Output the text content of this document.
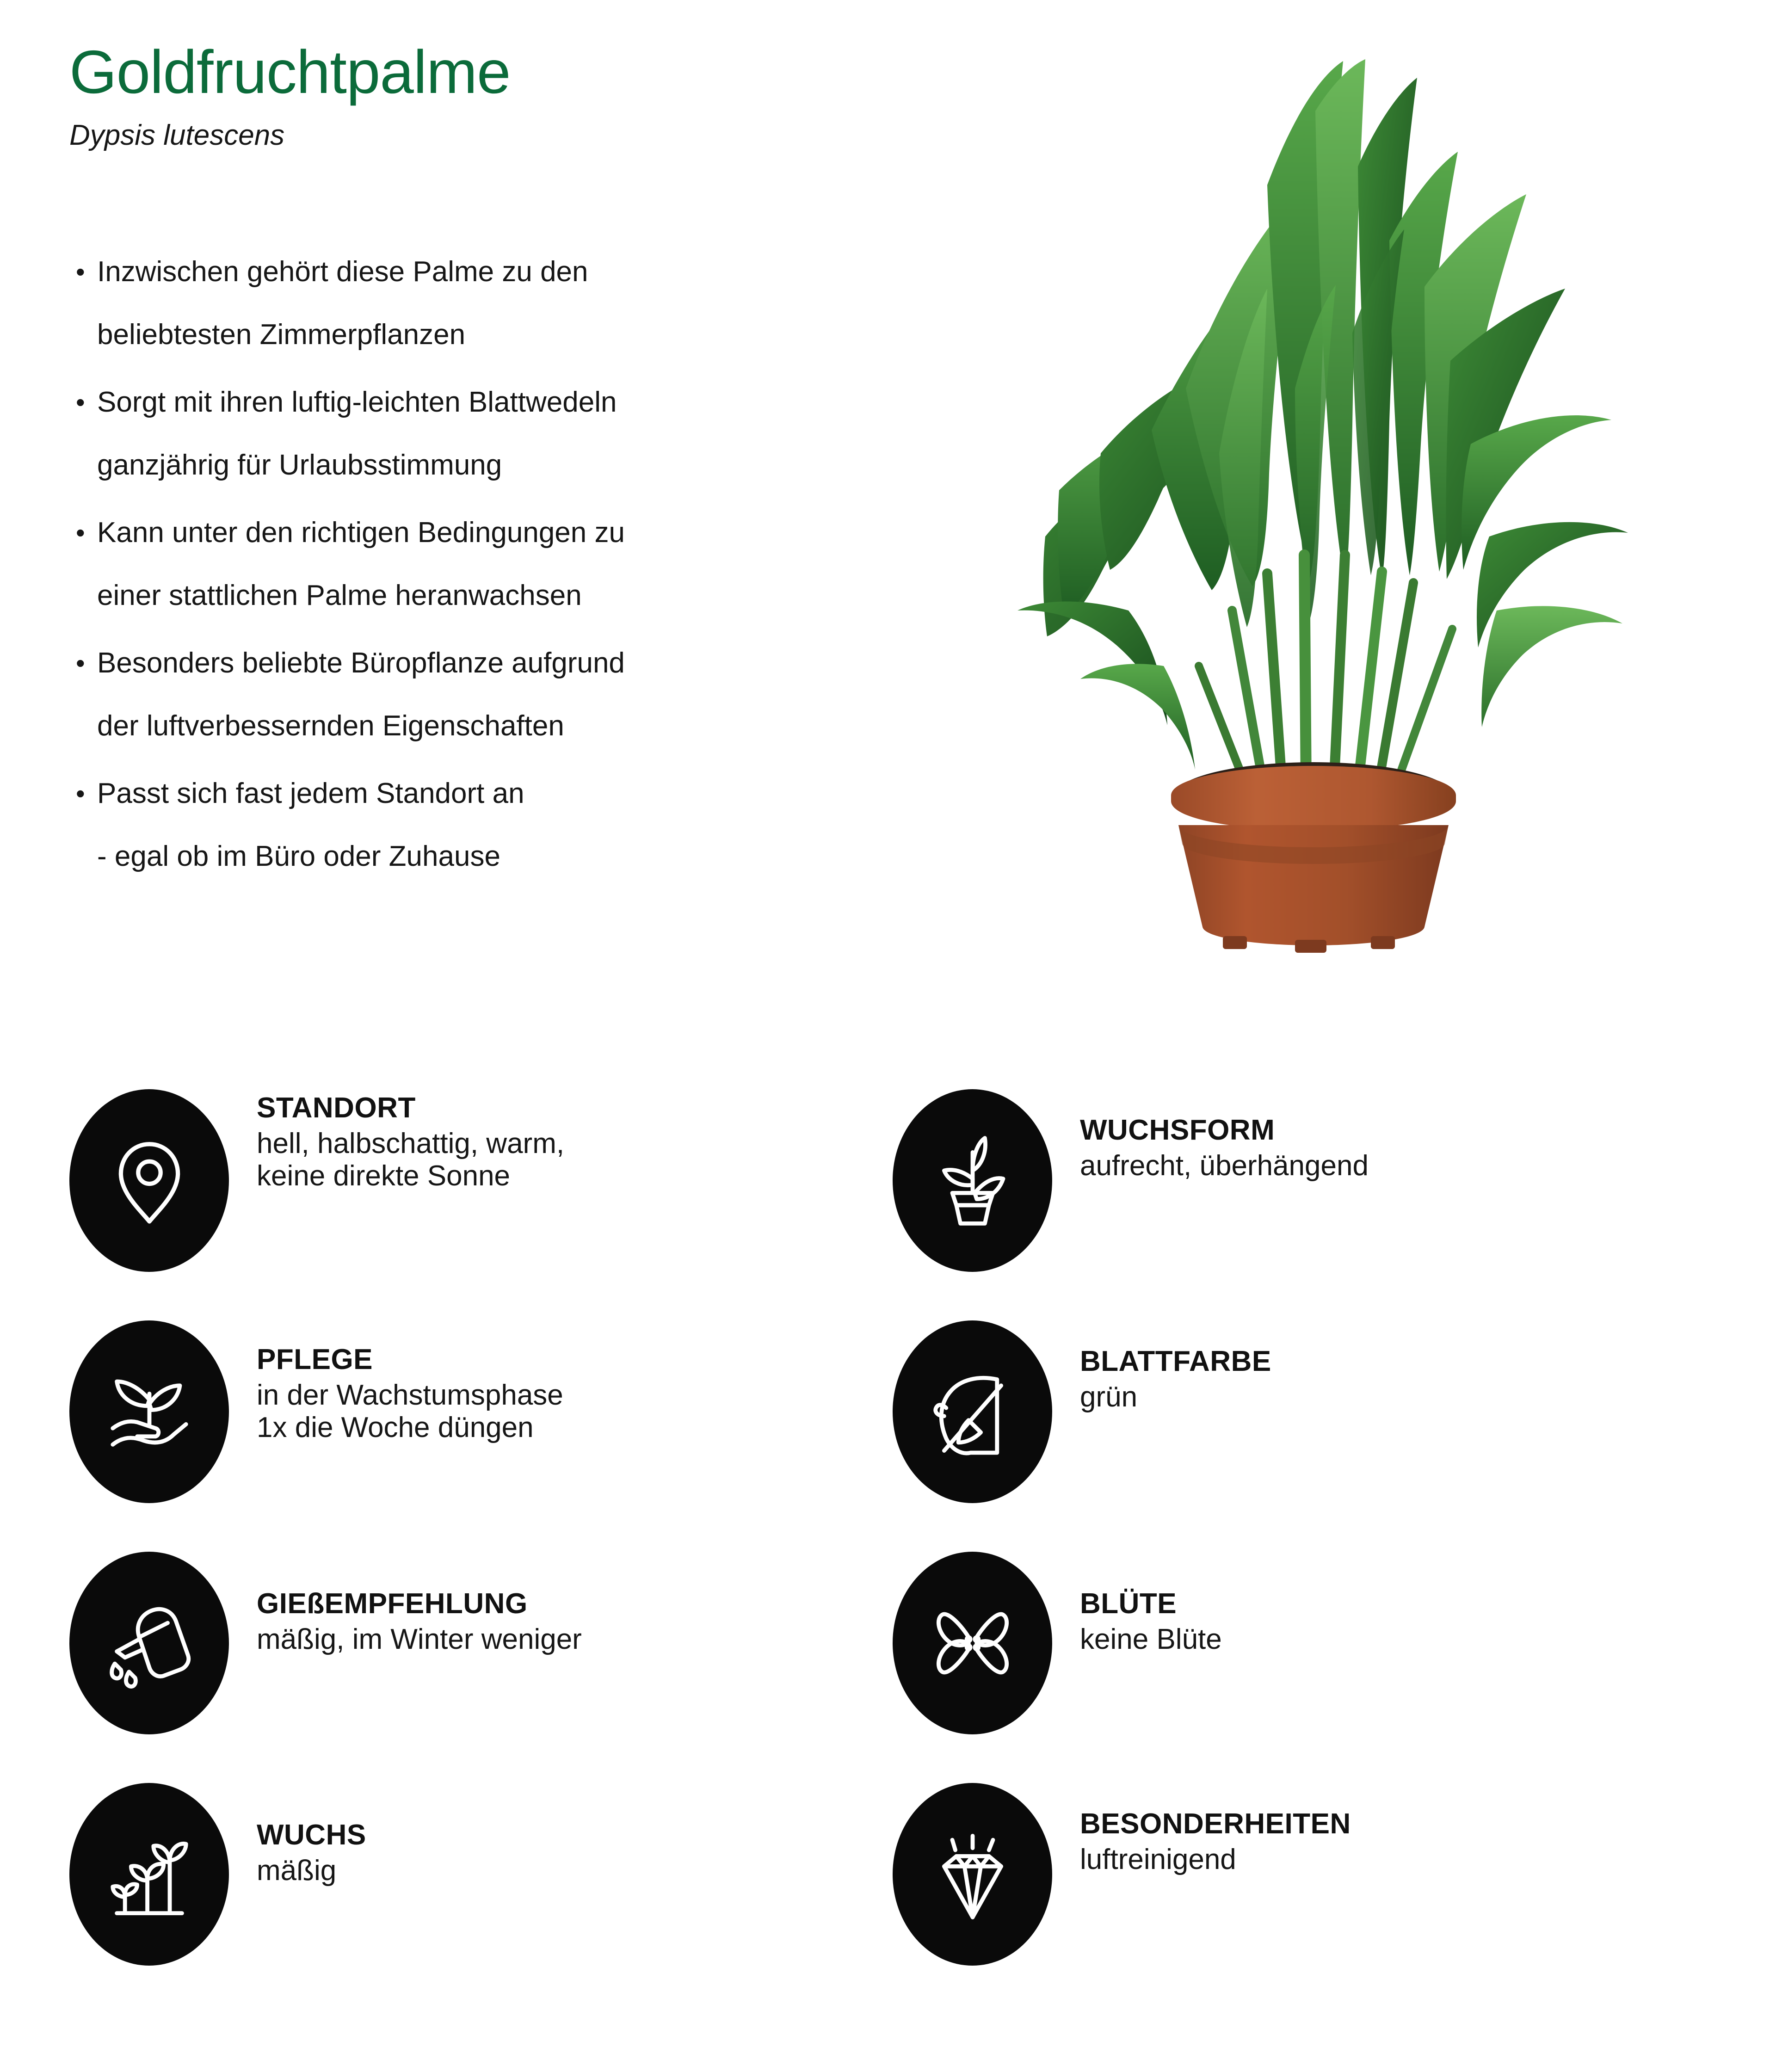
Goldfruchtpalme
Dypsis lutescens
• Inzwischen gehört diese Palme zu den
beliebtesten Zimmerpflanzen
• Sorgt mit ihren luftig-leichten Blattwedeln
ganzjährig für Urlaubsstimmung
• Kann unter den richtigen Bedingungen zu
einer stattlichen Palme heranwachsen
• Besonders beliebte Büropflanze aufgrund
der luftverbessernden Eigenschaften
• Passt sich fast jedem Standort an
- egal ob im Büro oder Zuhause
STANDORT
hell, halbschattig, warm,
keine direkte Sonne
WUCHSFORM
aufrecht, überhängend
PFLEGE
in der Wachstumsphase
1x die Woche düngen
BLATTFARBE
grün
GIEßEMPFEHLUNG
mäßig, im Winter weniger
BLÜTE
keine Blüte
WUCHS
mäßig
BESONDERHEITEN
luftreinigend
